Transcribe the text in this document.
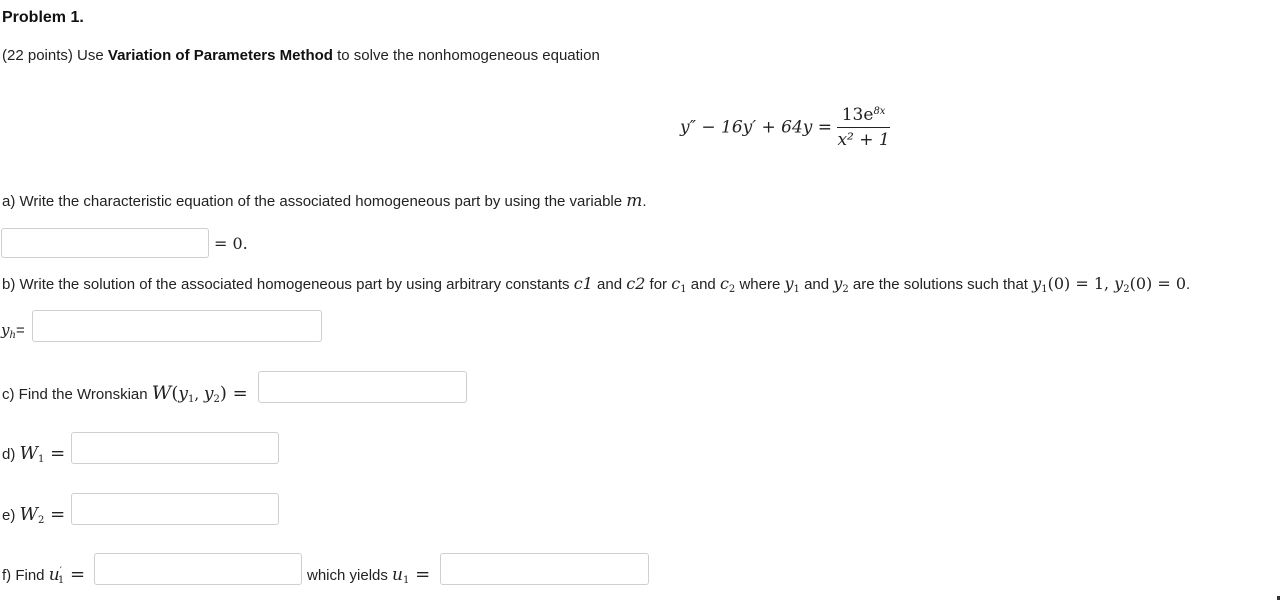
Problem 1.
(22 points) Use Variation of Parameters Method to solve the nonhomogeneous equation
$y'' - 16y' + 64y = \frac{13e^{8x}}{\text{x² + 1}}$
a) Write the characteristic equation of the associated homogeneous part by using the variable m.
= 0.
b) Write the solution of the associated homogeneous part by using arbitrary constants c1 and c2 for $c_1$ and $c_2$ where $y_1$ and $y_2$ are the solutions such that $y_1(0) = 1$, $y_2(0) = 0$.
$y_h=$
c) Find the Wronskian $W(y_1$, $y_2$) =
d) $W_1$ =
e) $W_2$ =
f) Find $u'_1$ =	which yields $u_1$ =
